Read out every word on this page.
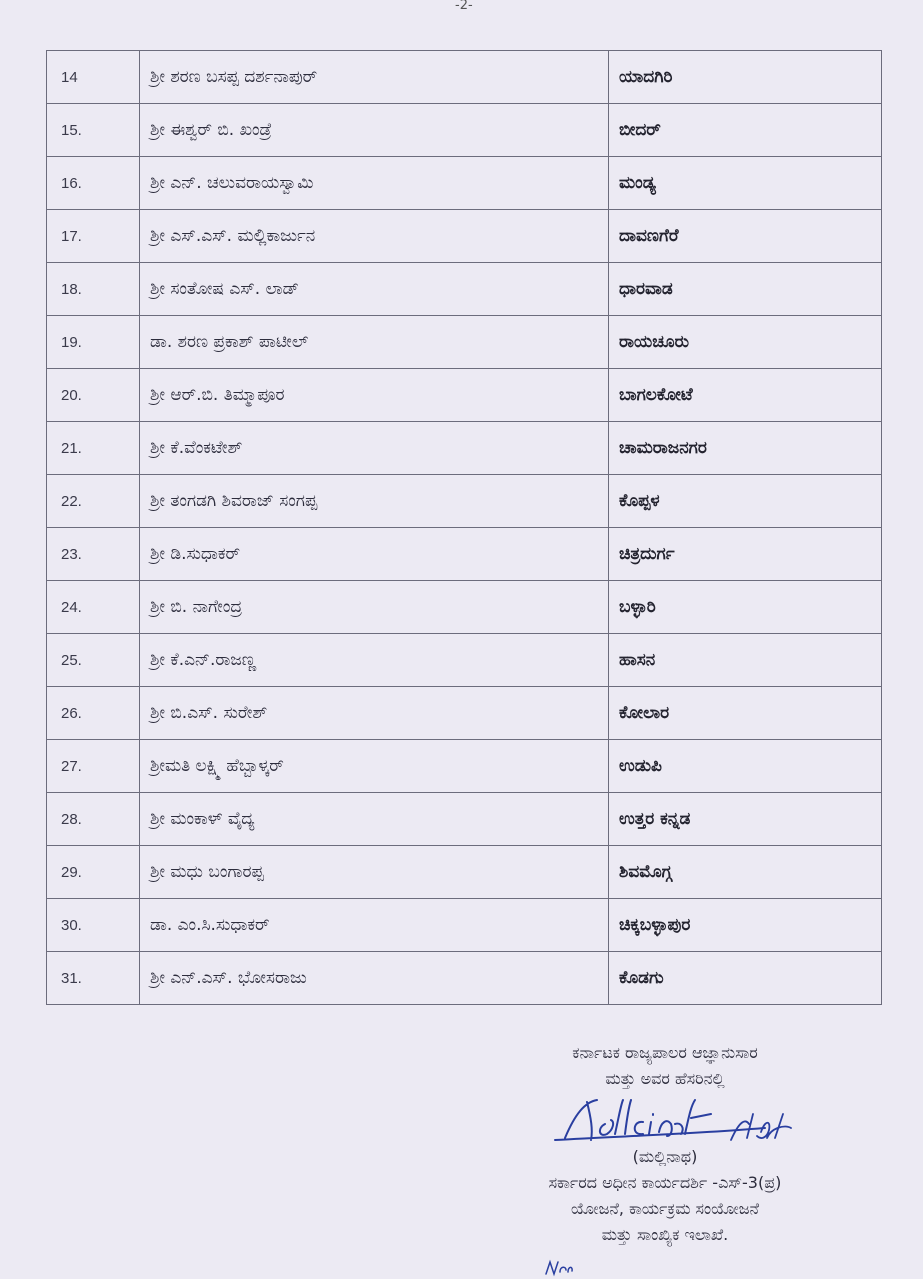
-2-
14	ಶ್ರೀ ಶರಣ ಬಸಪ್ಪ ದರ್ಶನಾಪುರ್	ಯಾದಗಿರಿ
15.	ಶ್ರೀ ಈಶ್ವರ್ ಬಿ. ಖಂಡ್ರೆ	ಬೀದರ್
16.	ಶ್ರೀ ಎನ್. ಚಲುವರಾಯಸ್ವಾಮಿ	ಮಂಡ್ಯ
17.	ಶ್ರೀ ಎಸ್.ಎಸ್. ಮಲ್ಲಿಕಾರ್ಜುನ	ದಾವಣಗೆರೆ
18.	ಶ್ರೀ ಸಂತೋಷ ಎಸ್. ಲಾಡ್	ಧಾರವಾಡ
19.	ಡಾ. ಶರಣ ಪ್ರಕಾಶ್ ಪಾಟೀಲ್	ರಾಯಚೂರು
20.	ಶ್ರೀ ಆರ್.ಬಿ. ತಿಮ್ಮಾಪೂರ	ಬಾಗಲಕೋಟೆ
21.	ಶ್ರೀ ಕೆ.ವೆಂಕಟೇಶ್	ಚಾಮರಾಜನಗರ
22.	ಶ್ರೀ ತಂಗಡಗಿ ಶಿವರಾಜ್ ಸಂಗಪ್ಪ	ಕೊಪ್ಪಳ
23.	ಶ್ರೀ ಡಿ.ಸುಧಾಕರ್	ಚಿತ್ರದುರ್ಗ
24.	ಶ್ರೀ ಬಿ. ನಾಗೇಂದ್ರ	ಬಳ್ಳಾರಿ
25.	ಶ್ರೀ ಕೆ.ಎನ್.ರಾಜಣ್ಣ	ಹಾಸನ
26.	ಶ್ರೀ ಬಿ.ಎಸ್. ಸುರೇಶ್	ಕೋಲಾರ
27.	ಶ್ರೀಮತಿ ಲಕ್ಷ್ಮಿ ಹೆಬ್ಬಾಳ್ಕರ್	ಉಡುಪಿ
28.	ಶ್ರೀ ಮಂಕಾಳ್ ವೈದ್ಯ	ಉತ್ತರ ಕನ್ನಡ
29.	ಶ್ರೀ ಮಧು ಬಂಗಾರಪ್ಪ	ಶಿವಮೊಗ್ಗ
30.	ಡಾ. ಎಂ.ಸಿ.ಸುಧಾಕರ್	ಚಿಕ್ಕಬಳ್ಳಾಪುರ
31.	ಶ್ರೀ ಎನ್.ಎಸ್. ಭೋಸರಾಜು	ಕೊಡಗು
ಕರ್ನಾಟಕ ರಾಜ್ಯಪಾಲರ ಆಜ್ಞಾನುಸಾರ
ಮತ್ತು ಅವರ ಹೆಸರಿನಲ್ಲಿ
(ಮಲ್ಲಿನಾಥ)
ಸರ್ಕಾರದ ಅಧೀನ ಕಾರ್ಯದರ್ಶಿ -ಎಸ್-3(ಪ್ರ)
ಯೋಜನೆ, ಕಾರ್ಯಕ್ರಮ ಸಂಯೋಜನೆ
ಮತ್ತು ಸಾಂಖ್ಯಿಕ ಇಲಾಖೆ.
